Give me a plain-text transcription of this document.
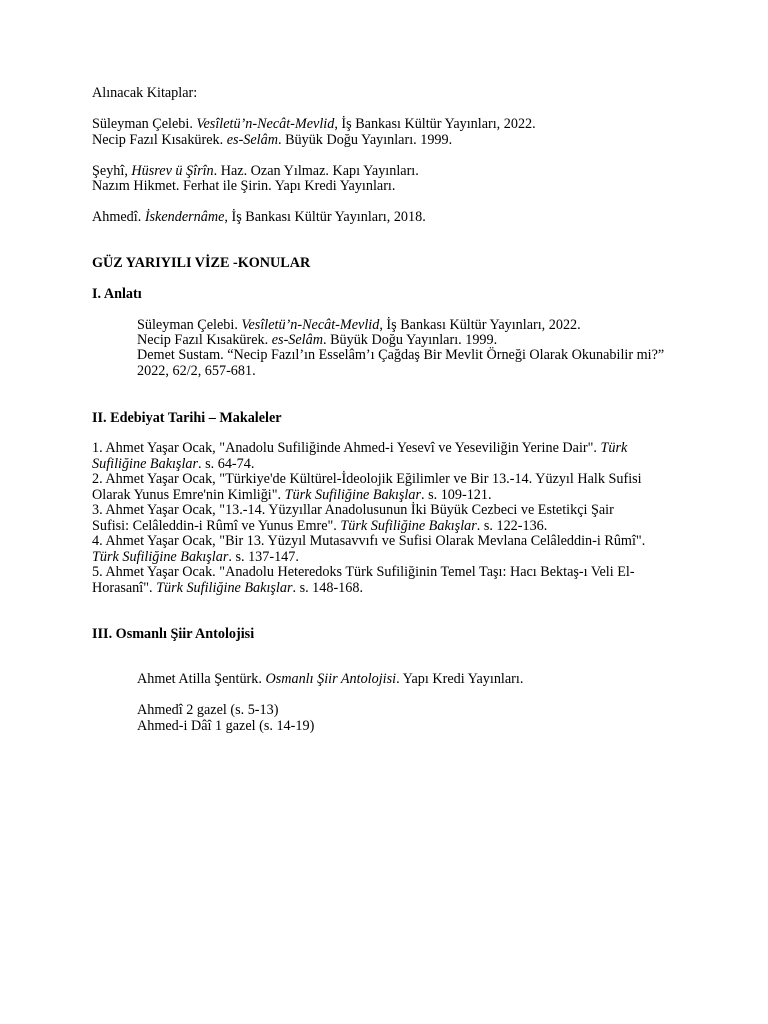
Alınacak Kitaplar:
Süleyman Çelebi. Vesîletü’n-Necât-Mevlid, İş Bankası Kültür Yayınları, 2022.
Necip Fazıl Kısakürek. es-Selâm. Büyük Doğu Yayınları. 1999.
Şeyhî, Hüsrev ü Şîrîn. Haz. Ozan Yılmaz. Kapı Yayınları.
Nazım Hikmet. Ferhat ile Şirin. Yapı Kredi Yayınları.
Ahmedî. İskendernâme, İş Bankası Kültür Yayınları, 2018.
GÜZ YARIYILI VİZE -KONULAR
I. Anlatı
Süleyman Çelebi. Vesîletü’n-Necât-Mevlid, İş Bankası Kültür Yayınları, 2022.
Necip Fazıl Kısakürek. es-Selâm. Büyük Doğu Yayınları. 1999.
Demet Sustam. “Necip Fazıl’ın Esselâm’ı Çağdaş Bir Mevlit Örneği Olarak Okunabilir mi?”
2022, 62/2, 657-681.
II. Edebiyat Tarihi – Makaleler
1. Ahmet Yaşar Ocak, "Anadolu Sufiliğinde Ahmed-i Yesevî ve Yeseviliğin Yerine Dair". Türk Sufiliğine Bakışlar. s. 64-74.
2. Ahmet Yaşar Ocak, "Türkiye'de Kültürel-İdeolojik Eğilimler ve Bir 13.-14. Yüzyıl Halk Sufisi Olarak Yunus Emre'nin Kimliği". Türk Sufiliğine Bakışlar. s. 109-121.
3. Ahmet Yaşar Ocak, "13.-14. Yüzyıllar Anadolusunun İki Büyük Cezbeci ve Estetikçi Şair Sufisi: Celâleddin-i Rûmî ve Yunus Emre". Türk Sufiliğine Bakışlar. s. 122-136.
4. Ahmet Yaşar Ocak, "Bir 13. Yüzyıl Mutasavvıfı ve Sufisi Olarak Mevlana Celâleddin-i Rûmî". Türk Sufiliğine Bakışlar. s. 137-147.
5. Ahmet Yaşar Ocak. "Anadolu Heteredoks Türk Sufiliğinin Temel Taşı: Hacı Bektaş-ı Veli El-Horasanî". Türk Sufiliğine Bakışlar. s. 148-168.
III. Osmanlı Şiir Antolojisi
Ahmet Atilla Şentürk. Osmanlı Şiir Antolojisi. Yapı Kredi Yayınları.
Ahmedî 2 gazel (s. 5-13)
Ahmed-i Dâî 1 gazel (s. 14-19)
